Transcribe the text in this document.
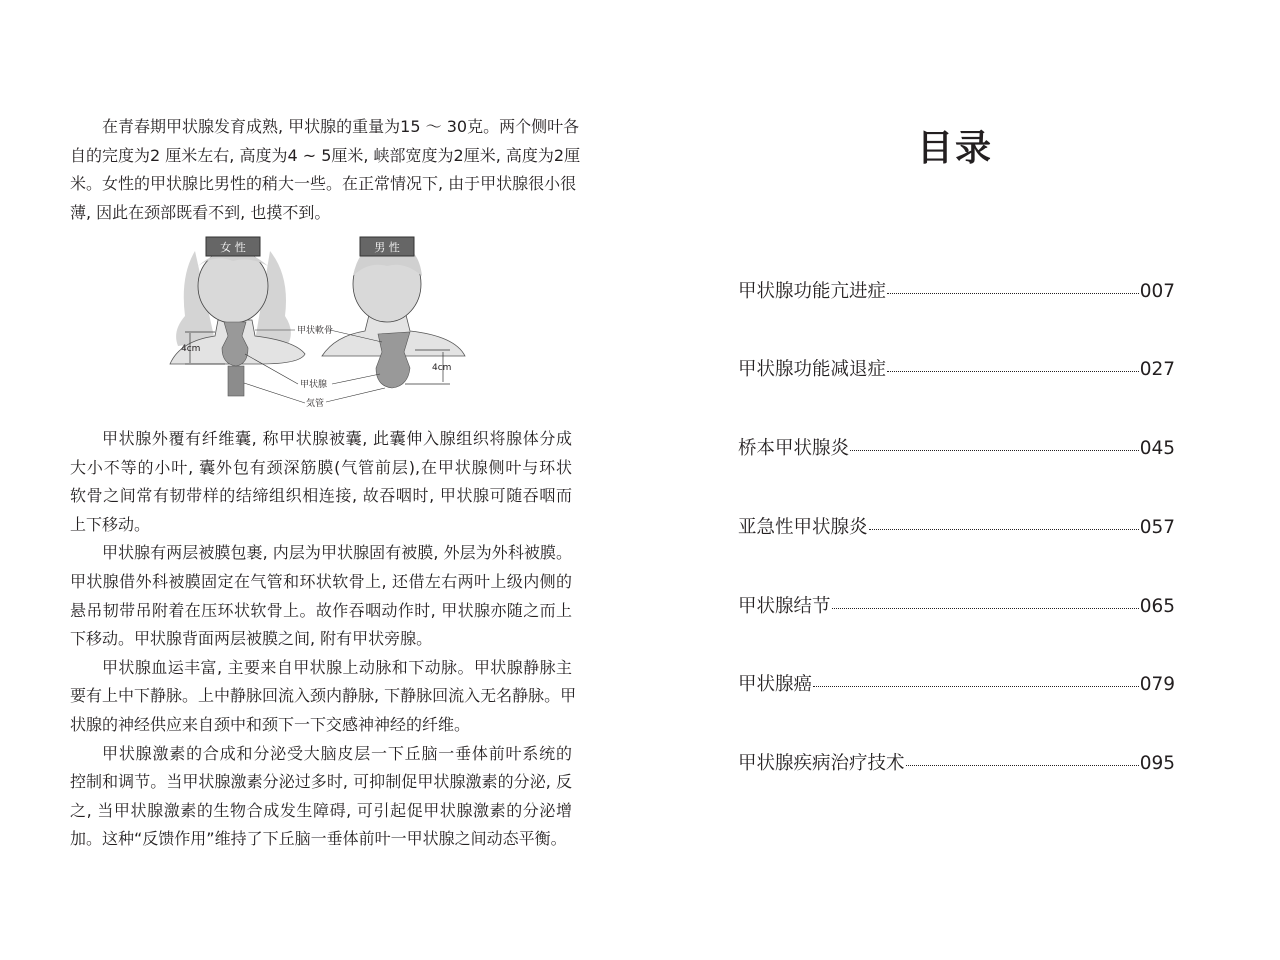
在青春期甲状腺发育成熟, 甲状腺的重量为15 ～ 30克。两个侧叶各
自的完度为2 厘米左右, 高度为4 ~ 5厘米, 峡部宽度为2厘米, 高度为2厘
米。女性的甲状腺比男性的稍大一些。在正常情况下, 由于甲状腺很小很
薄, 因此在颈部既看不到, 也摸不到。

女 性
4cm
男 性
4cm
甲状軟骨
甲状腺
気管

甲状腺外覆有纤维囊, 称甲状腺被囊, 此囊伸入腺组织将腺体分成
大小不等的小叶, 囊外包有颈深筋膜(气管前层),在甲状腺侧叶与环状
软骨之间常有韧带样的结缔组织相连接, 故吞咽时, 甲状腺可随吞咽而
上下移动。

甲状腺有两层被膜包裹, 内层为甲状腺固有被膜, 外层为外科被膜。
甲状腺借外科被膜固定在气管和环状软骨上, 还借左右两叶上级内侧的
悬吊韧带吊附着在压环状软骨上。故作吞咽动作时, 甲状腺亦随之而上
下移动。甲状腺背面两层被膜之间, 附有甲状旁腺。

甲状腺血运丰富, 主要来自甲状腺上动脉和下动脉。甲状腺静脉主
要有上中下静脉。上中静脉回流入颈内静脉, 下静脉回流入无名静脉。甲
状腺的神经供应来自颈中和颈下一下交感神神经的纤维。

甲状腺激素的合成和分泌受大脑皮层一下丘脑一垂体前叶系统的
控制和调节。当甲状腺激素分泌过多时, 可抑制促甲状腺激素的分泌, 反
之, 当甲状腺激素的生物合成发生障碍, 可引起促甲状腺激素的分泌增
加。这种“反馈作用”维持了下丘脑一垂体前叶一甲状腺之间动态平衡。

目录
甲状腺功能亢进症	007
甲状腺功能减退症	027
桥本甲状腺炎	045
亚急性甲状腺炎	057
甲状腺结节	065
甲状腺癌	079
甲状腺疾病治疗技术	095
